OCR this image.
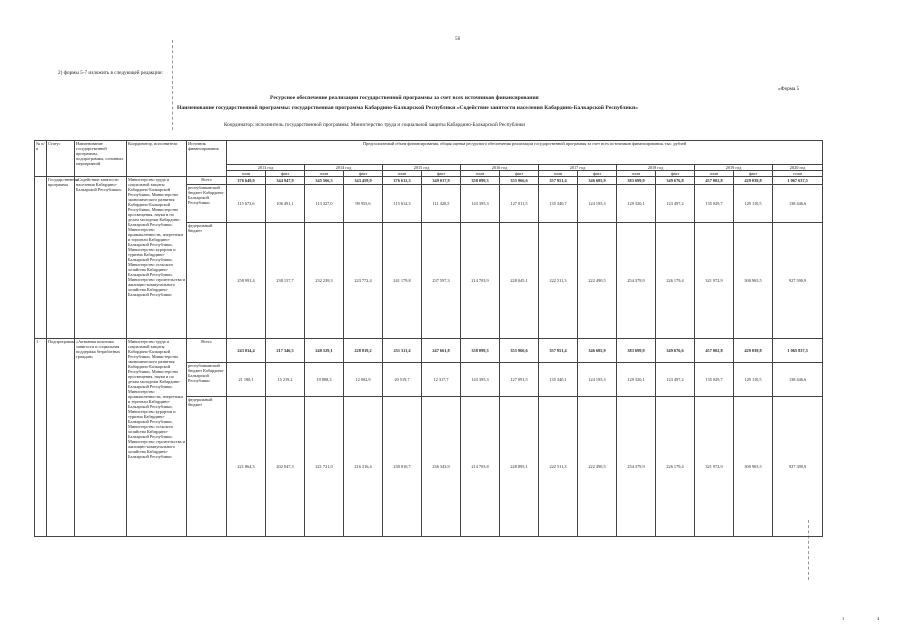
56
2) формы 5-7 изложить в следующей редакции:
«Форма 5
Ресурсное обеспечение реализации государственной программы за счет всех источников финансирования
Наименование государственной программы: государственная программа Кабардино-Балкарской Республики «Содействие занятости населения Кабардино-Балкарской Республики»
Координатор: исполнитель государственной программы: Министерство труда и социальной защиты Кабардино-Балкарской Республики
№ п/п	Статус	Наименование государственной программы, подпрограммы, основных мероприятий	Координатор, исполнители	Источник финансирования	Предполагаемый объем финансирования, общая оценка ресурсного обеспечения реализации государственной программы за счет всех источников финансирования, тыс. рублей														
					2013 год		2014 год		2015 год		2016 год		2017 год		2018 год		2019 год		2020 год
					план	факт	план	факт	план	факт	план	факт	план	факт	план	факт	план	факт	план
	Государственная программа	«Содействие занятости населения Кабардино-Балкарской Республики»	Министерство труда и социальной защиты Кабардино-Балкарской Республики, Министерство экономического развития Кабардино-Балкарской Республики, Министерство просвещения, науки и по делам молодежи Кабардино-Балкарской Республики, Министерство промышленности, энергетики и торговли Кабардино-Балкарской Республики, Министерство курортов и туризма Кабардино-Балкарской Республики, Министерство сельского хозяйства Кабардино-Балкарской Республики, Министерство строительства и жилищно-коммунального хозяйства Кабардино-Балкарской Республики	Всего	376 649,9	344 947,9	345 566,3	343 459,9	376 612,3	349 017,9	358 099,3	355 966,6	357 951,4	346 685,9	383 699,9	349 676,8	457 002,8	429 039,8	1 067 637,5
				республиканский бюджет Кабардино-Балкарской Республики	115 673,6	106 491,1	113 327,0	99 955,6	115 612,3	111 420,5	143 395,3	127 011,5	135 340,7	124 195,3	129 320,1	123 497,2	135 029,7	129 110,5	138 446,6
				федеральный бюджет	258 991,4	238 157,7	232 239,3	223 772,4	241 179,8	237 597,3	214 703,9	228 045,1	222 511,3	222 490,5	254 379,9	226 179,4	321 972,9	300 965,5	927 390,9
1	Подпрограмма	«Активная политика занятости и социальная поддержка безработных граждан»	Министерство труда и социальной защиты Кабардино-Балкарской Республики, Министерство экономического развития Кабардино-Балкарской Республики, Министерство просвещения, науки и по делам молодежи Кабардино-Балкарской Республики, Министерство промышленности, энергетики и торговли Кабардино-Балкарской Республики, Министерство курортов и туризма Кабардино-Балкарской Республики, Министерство сельского хозяйства Кабардино-Балкарской Республики, Министерство строительства и жилищно-коммунального хозяйства Кабардино-Балкарской Республики	Всего	243 034,4	217 346,5	240 529,1	228 819,2	251 311,4	247 661,8	358 099,3	355 966,6	357 951,4	346 685,9	383 699,9	349 676,6	457 002,8	429 039,8	1 065 837,5
				республиканский бюджет Кабардино-Балкарской Республики	21 180,1	15 219,2	19 808,3	12 002,9	20 519,7	12 317,7	143 395,3	127 091,5	135 340,1	124 195,3	129 320,1	123 497,2	135 029,7	129 110,5	138 446,6
				федеральный бюджет	221 864,5	202 047,3	221 721,0	216 316,4	230 810,7	236 343,9	214 703,8	228 895,1	222 511,3	222 490,5	254 379,9	226 179,4	321 972,9	300 965,5	927 390,9
1	4
